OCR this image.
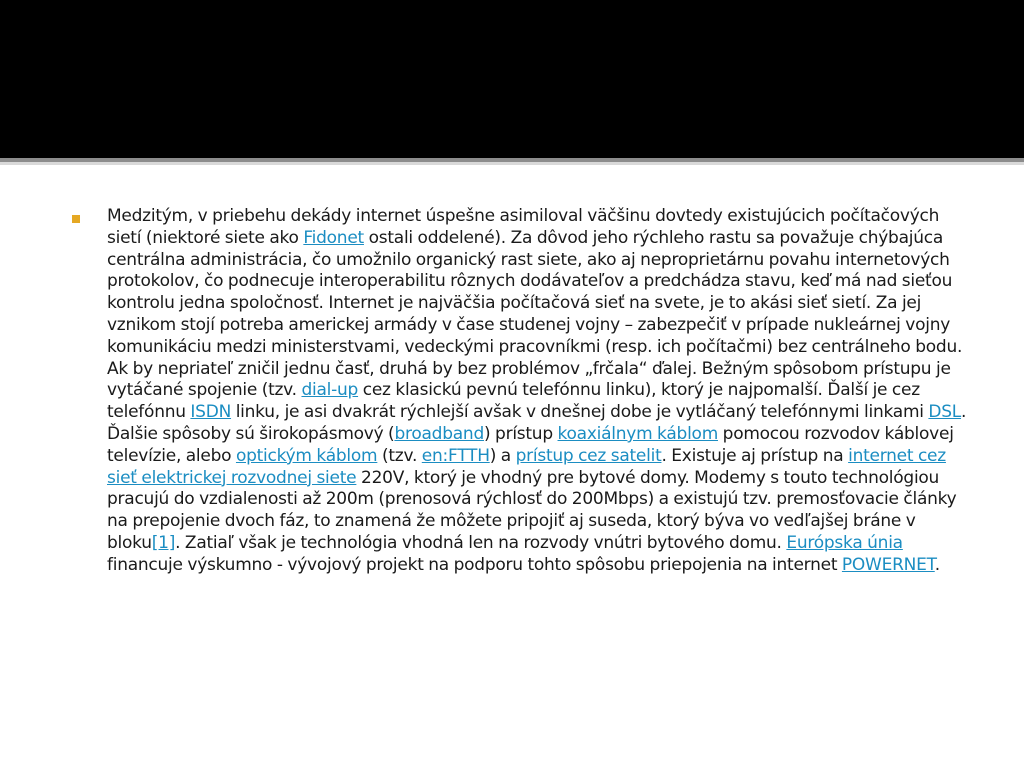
Medzitým, v priebehu dekády internet úspešne asimiloval väčšinu dovtedy existujúcich počítačových sietí (niektoré siete ako Fidonet ostali oddelené). Za dôvod jeho rýchleho rastu sa považuje chýbajúca centrálna administrácia, čo umožnilo organický rast siete, ako aj neproprietárnu povahu internetových protokolov, čo podnecuje interoperabilitu rôznych dodávateľov a predchádza stavu, keď má nad sieťou kontrolu jedna spoločnosť. Internet je najväčšia počítačová sieť na svete, je to akási sieť sietí. Za jej vznikom stojí potreba americkej armády v čase studenej vojny – zabezpečiť v prípade nukleárnej vojny komunikáciu medzi ministerstvami, vedeckými pracovníkmi (resp. ich počítačmi) bez centrálneho bodu. Ak by nepriateľ zničil jednu časť, druhá by bez problémov „frčala“ ďalej. Bežným spôsobom prístupu je vytáčané spojenie (tzv. dial-up cez klasickú pevnú telefónnu linku), ktorý je najpomalší. Ďalší je cez telefónnu ISDN linku, je asi dvakrát rýchlejší avšak v dnešnej dobe je vytláčaný telefónnymi linkami DSL. Ďalšie spôsoby sú širokopásmový (broadband) prístup koaxiálnym káblom pomocou rozvodov káblovej televízie, alebo optickým káblom (tzv. en:FTTH) a prístup cez satelit. Existuje aj prístup na internet cez sieť elektrickej rozvodnej siete 220V, ktorý je vhodný pre bytové domy. Modemy s touto technológiou pracujú do vzdialenosti až 200m (prenosová rýchlosť do 200Mbps) a existujú tzv. premosťovacie články na prepojenie dvoch fáz, to znamená že môžete pripojiť aj suseda, ktorý býva vo vedľajšej bráne v bloku[1]. Zatiaľ však je technológia vhodná len na rozvody vnútri bytového domu. Európska únia financuje výskumno - vývojový projekt na podporu tohto spôsobu priepojenia na internet POWERNET.
